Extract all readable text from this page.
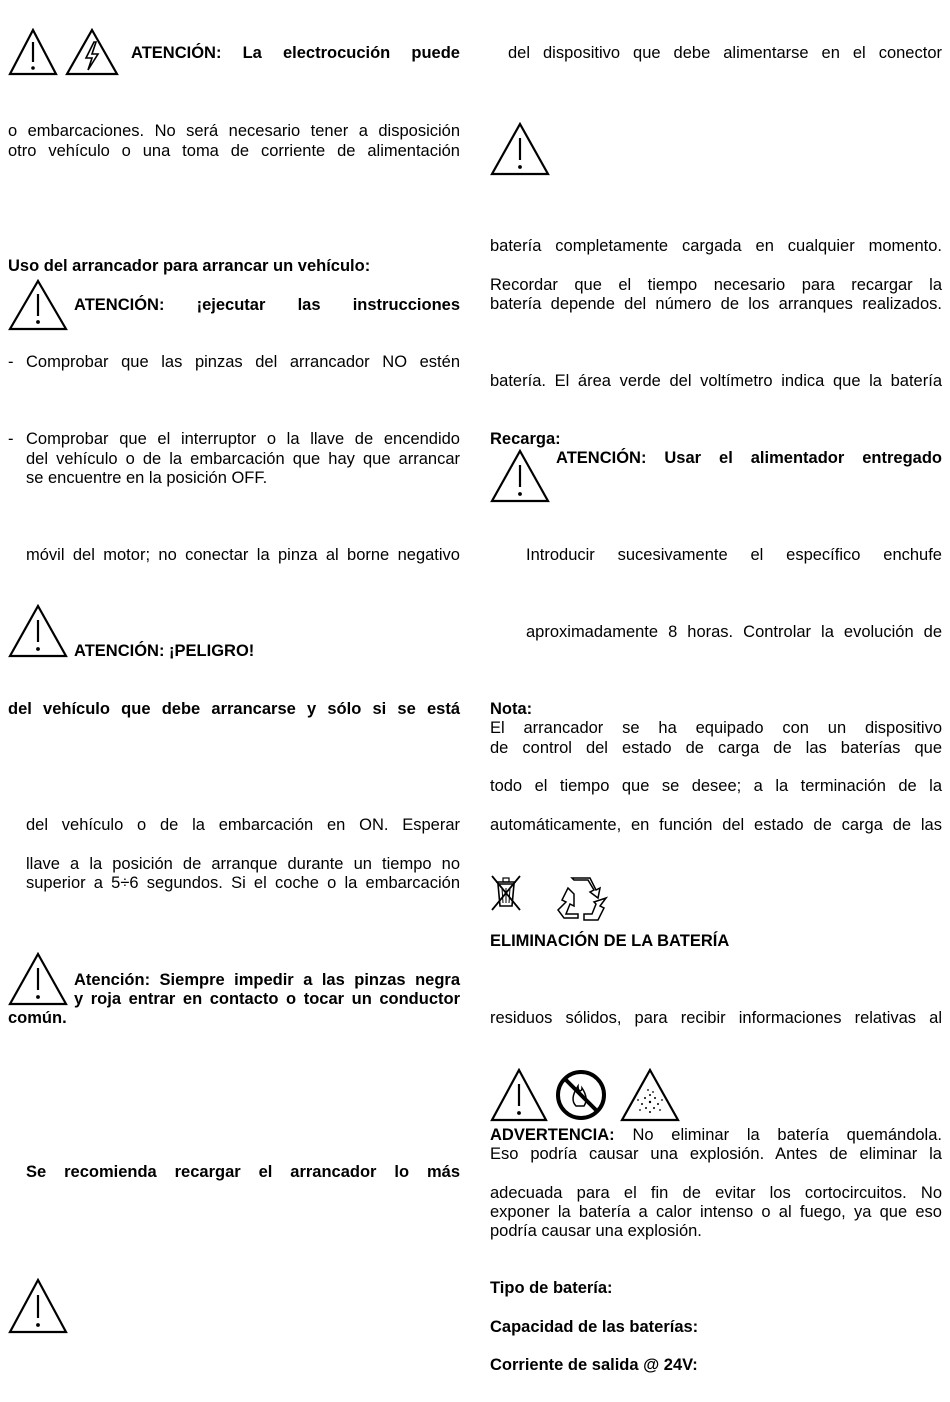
ATENCIÓN: La electrocución puede
o embarcaciones. No será necesario tener a disposición
otro vehículo o una toma de corriente de alimentación
Uso del arrancador para arrancar un vehículo:
ATENCIÓN: ¡ejecutar las instrucciones
- Comprobar que las pinzas del arrancador NO estén
- Comprobar que el interruptor o la llave de encendido
del vehículo o de la embarcación que hay que arrancar
se encuentre en la posición OFF.
móvil del motor; no conectar la pinza al borne negativo
ATENCIÓN: ¡PELIGRO!
del vehículo que debe arrancarse y sólo si se está
del vehículo o de la embarcación en ON. Esperar
llave a la posición de arranque durante un tiempo no
superior a 5÷6 segundos. Si el coche o la embarcación
Atención: Siempre impedir a las pinzas negra
y roja entrar en contacto o tocar un conductor
común.
Se recomienda recargar el arrancador lo más
del dispositivo que debe alimentarse en el conector
batería completamente cargada en cualquier momento.
Recordar que el tiempo necesario para recargar la
batería depende del número de los arranques realizados.
batería. El área verde del voltímetro indica que la batería
Recarga:
ATENCIÓN: Usar el alimentador entregado
Introducir sucesivamente el específico enchufe
aproximadamente 8 horas. Controlar la evolución de
Nota:
El arrancador se ha equipado con un dispositivo
de control del estado de carga de las baterías que
todo el tiempo que se desee; a la terminación de la
automáticamente, en función del estado de carga de las
ELIMINACIÓN DE LA BATERÍA
residuos sólidos, para recibir informaciones relativas al
ADVERTENCIA: No eliminar la batería quemándola.
Eso podría causar una explosión. Antes de eliminar la
adecuada para el fin de evitar los cortocircuitos. No
exponer la batería a calor intenso o al fuego, ya que eso
podría causar una explosión.
Tipo de batería:
Capacidad de las baterías:
Corriente de salida @ 24V:
